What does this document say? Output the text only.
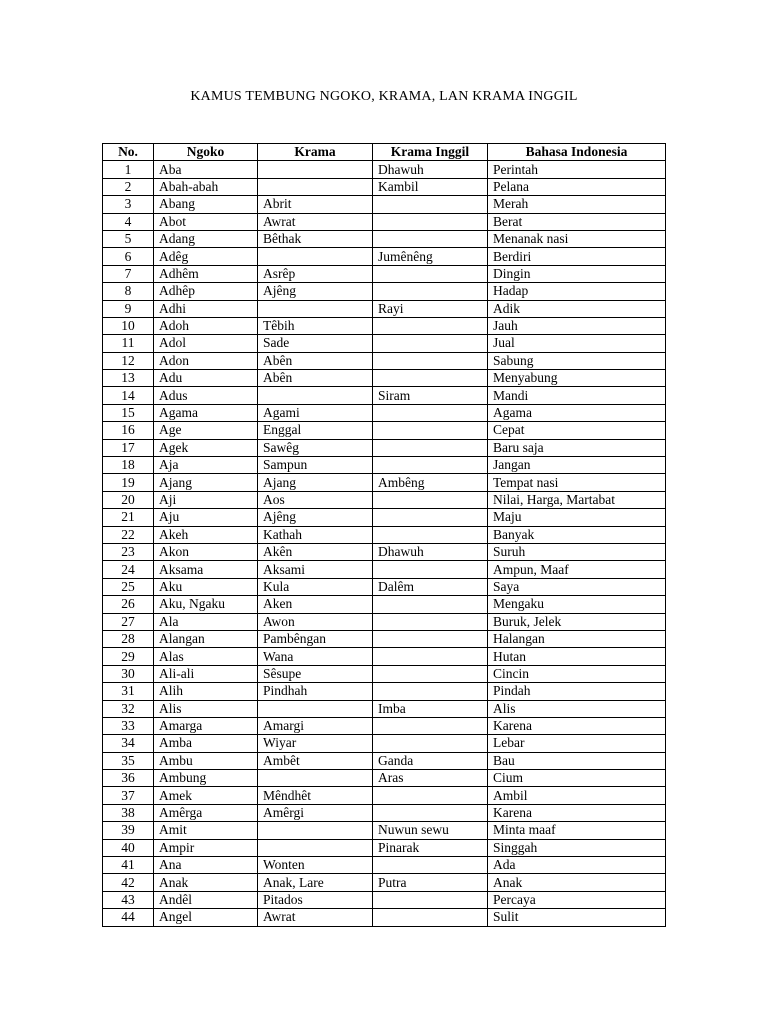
KAMUS TEMBUNG NGOKO, KRAMA, LAN KRAMA INGGIL
No.	Ngoko	Krama	Krama Inggil	Bahasa Indonesia
1	Aba		Dhawuh	Perintah
2	Abah-abah		Kambil	Pelana
3	Abang	Abrit		Merah
4	Abot	Awrat		Berat
5	Adang	Bêthak		Menanak nasi
6	Adêg		Jumênêng	Berdiri
7	Adhêm	Asrêp		Dingin
8	Adhêp	Ajêng		Hadap
9	Adhi		Rayi	Adik
10	Adoh	Têbih		Jauh
11	Adol	Sade		Jual
12	Adon	Abên		Sabung
13	Adu	Abên		Menyabung
14	Adus		Siram	Mandi
15	Agama	Agami		Agama
16	Age	Enggal		Cepat
17	Agek	Sawêg		Baru saja
18	Aja	Sampun		Jangan
19	Ajang	Ajang	Ambêng	Tempat nasi
20	Aji	Aos		Nilai, Harga, Martabat
21	Aju	Ajêng		Maju
22	Akeh	Kathah		Banyak
23	Akon	Akên	Dhawuh	Suruh
24	Aksama	Aksami		Ampun, Maaf
25	Aku	Kula	Dalêm	Saya
26	Aku, Ngaku	Aken		Mengaku
27	Ala	Awon		Buruk, Jelek
28	Alangan	Pambêngan		Halangan
29	Alas	Wana		Hutan
30	Ali-ali	Sêsupe		Cincin
31	Alih	Pindhah		Pindah
32	Alis		Imba	Alis
33	Amarga	Amargi		Karena
34	Amba	Wiyar		Lebar
35	Ambu	Ambêt	Ganda	Bau
36	Ambung		Aras	Cium
37	Amek	Mêndhêt		Ambil
38	Amêrga	Amêrgi		Karena
39	Amit		Nuwun sewu	Minta maaf
40	Ampir		Pinarak	Singgah
41	Ana	Wonten		Ada
42	Anak	Anak, Lare	Putra	Anak
43	Andêl	Pitados		Percaya
44	Angel	Awrat		Sulit
